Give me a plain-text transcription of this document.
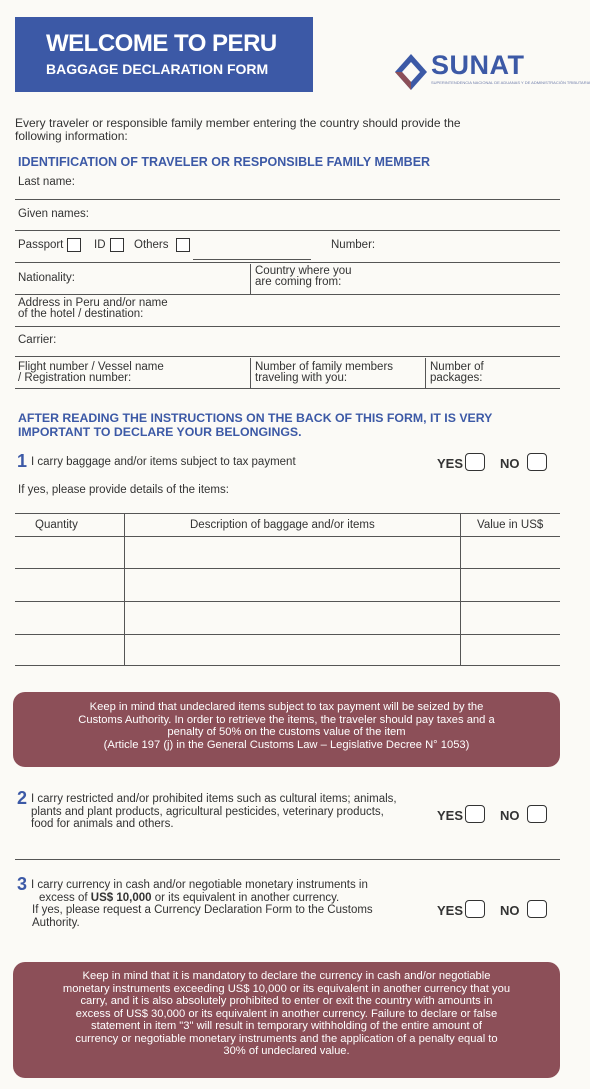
WELCOME TO PERU
BAGGAGE DECLARATION FORM	SUNAT
SUPERINTENDENCIA NACIONAL DE ADUANAS Y DE ADMINISTRACIÓN TRIBUTARIA
Every traveler or responsible family member entering the country should provide the
following information:
IDENTIFICATION OF TRAVELER OR RESPONSIBLE FAMILY MEMBER
Last name:
Given names:
Passport	ID Others	Number:
Nationality:
Country where you
are coming from:
Address in Peru and/or name
of the hotel / destination:
Carrier:
Flight number / Vessel name
/ Registration number:
Number of family members
traveling with you:
Number of
packages:
AFTER READING THE INSTRUCTIONS ON THE BACK OF THIS FORM, IT IS VERY
IMPORTANT TO DECLARE YOUR BELONGINGS.
1 I carry baggage and/or items subject to tax payment	YES	NO
If yes, please provide details of the items:
Quantity	Description of baggage and/or items	Value in US$
Keep in mind that undeclared items subject to tax payment will be seized by the
Customs Authority. In order to retrieve the items, the traveler should pay taxes and a
penalty of 50% on the customs value of the item
(Article 197 (j) in the General Customs Law – Legislative Decree N° 1053)
2 I carry restricted and/or prohibited items such as cultural items; animals,
plants and plant products, agricultural pesticides, veterinary products,
food for animals and others.
YES	NO
3 I carry currency in cash and/or negotiable monetary instruments in
excess of US$ 10,000 or its equivalent in another currency.
If yes, please request a Currency Declaration Form to the Customs
Authority.
YES	NO
Keep in mind that it is mandatory to declare the currency in cash and/or negotiable
monetary instruments exceeding US$ 10,000 or its equivalent in another currency that you
carry, and it is also absolutely prohibited to enter or exit the country with amounts in
excess of US$ 30,000 or its equivalent in another currency. Failure to declare or false
statement in item "3" will result in temporary withholding of the entire amount of
currency or negotiable monetary instruments and the application of a penalty equal to
30% of undeclared value.
